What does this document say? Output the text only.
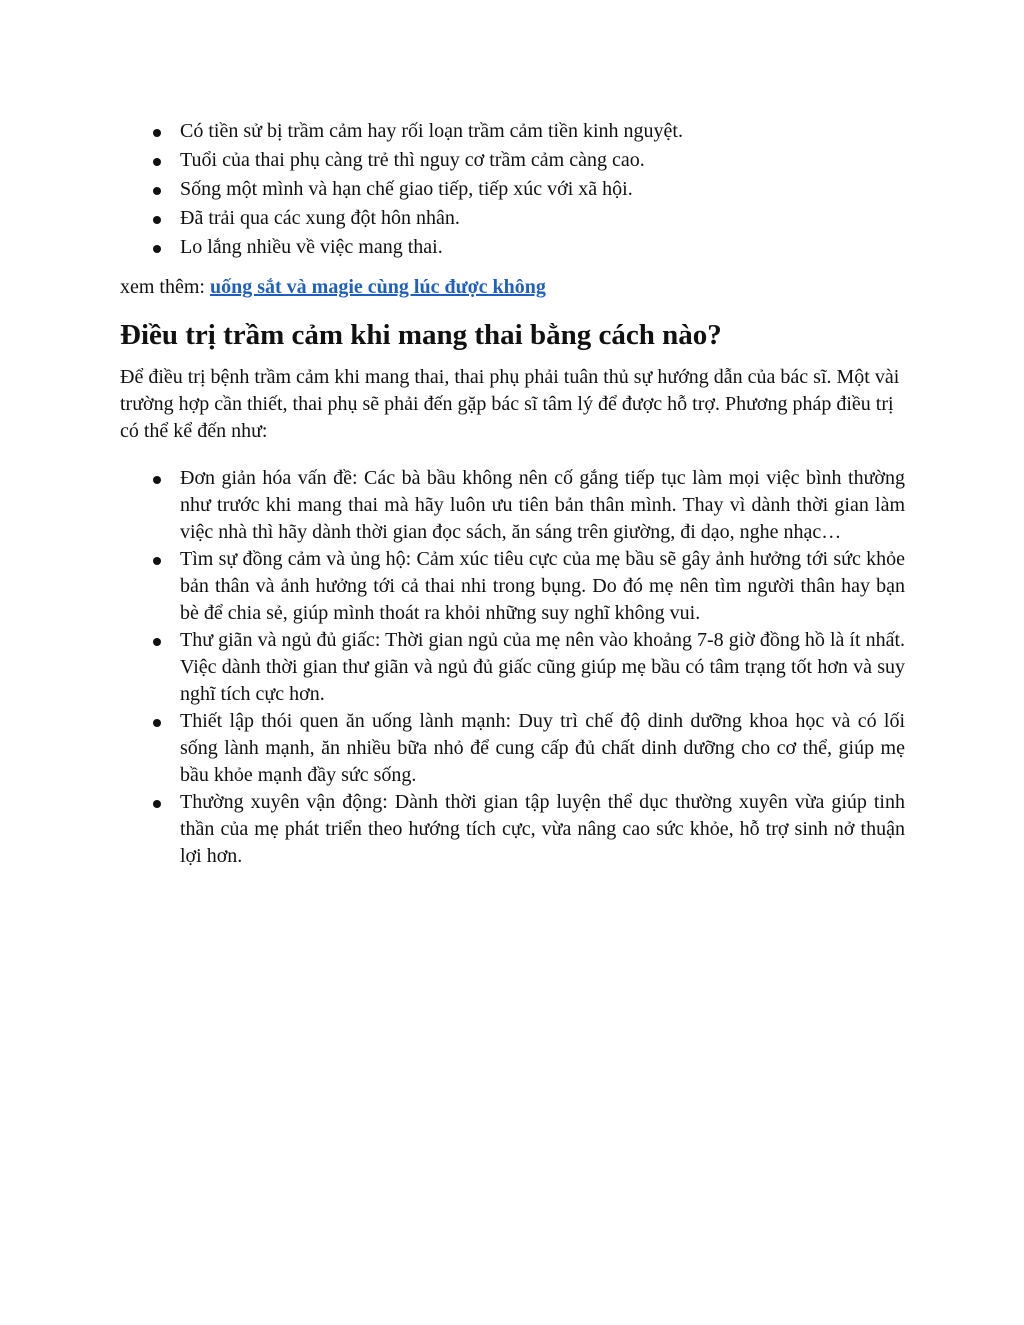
Có tiền sử bị trầm cảm hay rối loạn trầm cảm tiền kinh nguyệt.
Tuổi của thai phụ càng trẻ thì nguy cơ trầm cảm càng cao.
Sống một mình và hạn chế giao tiếp, tiếp xúc với xã hội.
Đã trải qua các xung đột hôn nhân.
Lo lắng nhiều về việc mang thai.
xem thêm: uống sắt và magie cùng lúc được không
Điều trị trầm cảm khi mang thai bằng cách nào?

Để điều trị bệnh trầm cảm khi mang thai, thai phụ phải tuân thủ sự hướng dẫn của bác sĩ. Một vài trường hợp cần thiết, thai phụ sẽ phải đến gặp bác sĩ tâm lý để được hỗ trợ. Phương pháp điều trị có thể kể đến như:

Đơn giản hóa vấn đề: Các bà bầu không nên cố gắng tiếp tục làm mọi việc bình thường như trước khi mang thai mà hãy luôn ưu tiên bản thân mình. Thay vì dành thời gian làm việc nhà thì hãy dành thời gian đọc sách, ăn sáng trên giường, đi dạo, nghe nhạc…
Tìm sự đồng cảm và ủng hộ: Cảm xúc tiêu cực của mẹ bầu sẽ gây ảnh hưởng tới sức khỏe bản thân và ảnh hưởng tới cả thai nhi trong bụng. Do đó mẹ nên tìm người thân hay bạn bè để chia sẻ, giúp mình thoát ra khỏi những suy nghĩ không vui.
Thư giãn và ngủ đủ giấc: Thời gian ngủ của mẹ nên vào khoảng 7-8 giờ đồng hồ là ít nhất. Việc dành thời gian thư giãn và ngủ đủ giấc cũng giúp mẹ bầu có tâm trạng tốt hơn và suy nghĩ tích cực hơn.
Thiết lập thói quen ăn uống lành mạnh: Duy trì chế độ dinh dưỡng khoa học và có lối sống lành mạnh, ăn nhiều bữa nhỏ để cung cấp đủ chất dinh dưỡng cho cơ thể, giúp mẹ bầu khỏe mạnh đầy sức sống.
Thường xuyên vận động: Dành thời gian tập luyện thể dục thường xuyên vừa giúp tinh thần của mẹ phát triển theo hướng tích cực, vừa nâng cao sức khỏe, hỗ trợ sinh nở thuận lợi hơn.
